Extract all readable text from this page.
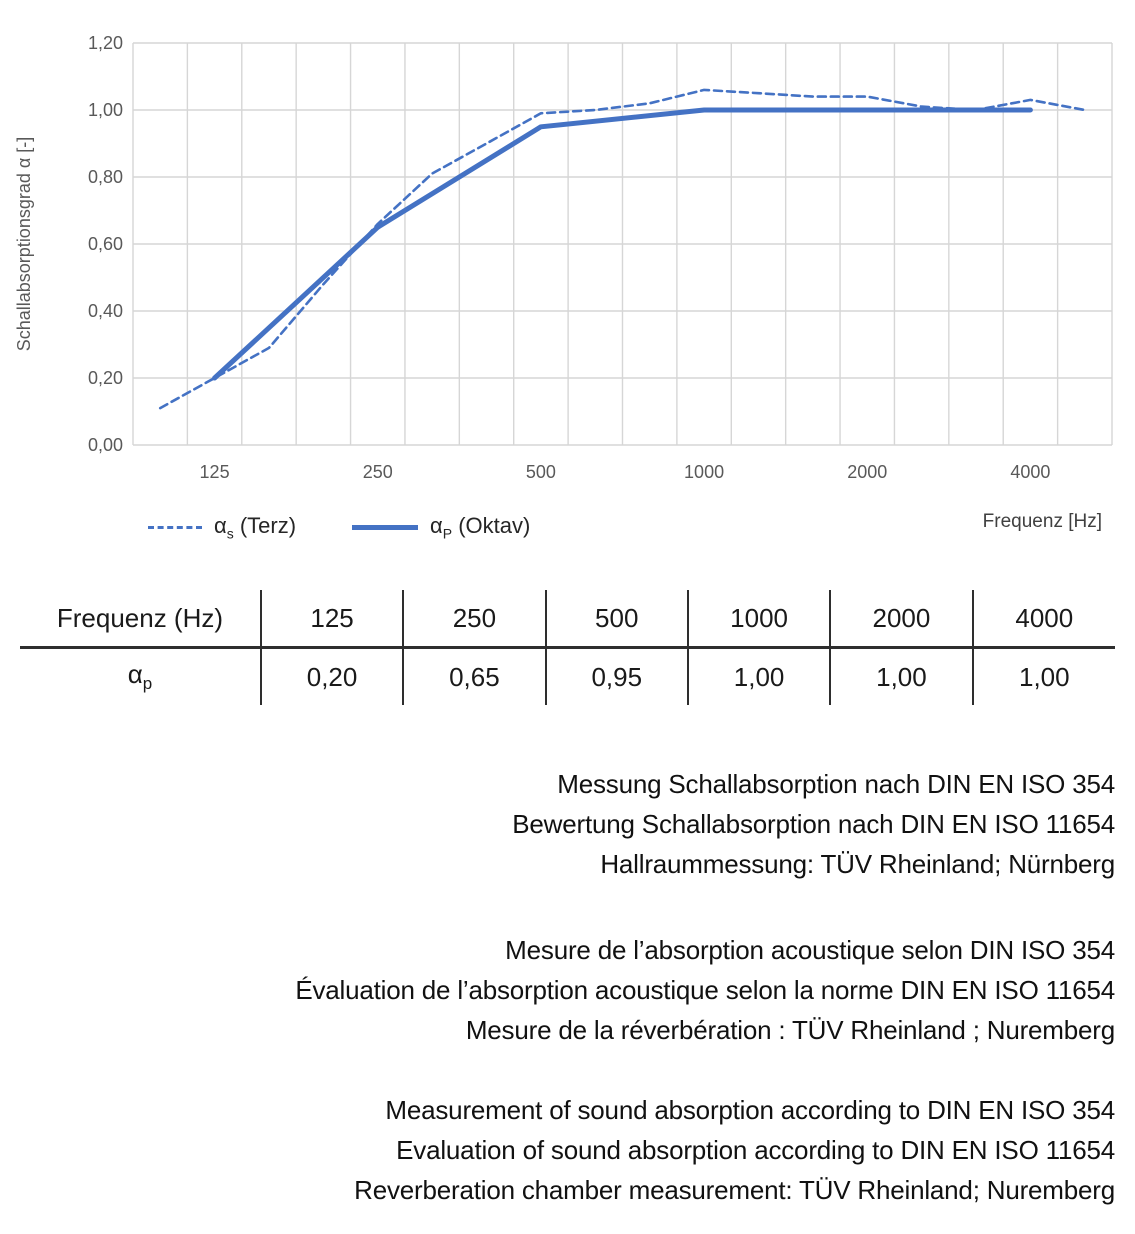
Schallabsorptionsgrad α [-]
0,00
0,20
0,40
0,60
0,80
1,00
1,20
125	250	500	1000	2000	4000
$\alpha_s$ (Terz)	$\alpha_P$ (Oktav)	Frequenz [Hz]
Frequenz (Hz)	125	250	500	1000	2000	4000
$\alpha_p$	0,20	0,65	0,95	1,00	1,00	1,00
Messung Schallabsorption nach DIN EN ISO 354
Bewertung Schallabsorption nach DIN EN ISO 11654
Hallraummessung: TÜV Rheinland; Nürnberg
Mesure de l’absorption acoustique selon DIN ISO 354
Évaluation de l’absorption acoustique selon la norme DIN EN ISO 11654
Mesure de la réverbération : TÜV Rheinland ; Nuremberg
Measurement of sound absorption according to DIN EN ISO 354
Evaluation of sound absorption according to DIN EN ISO 11654
Reverberation chamber measurement: TÜV Rheinland; Nuremberg
